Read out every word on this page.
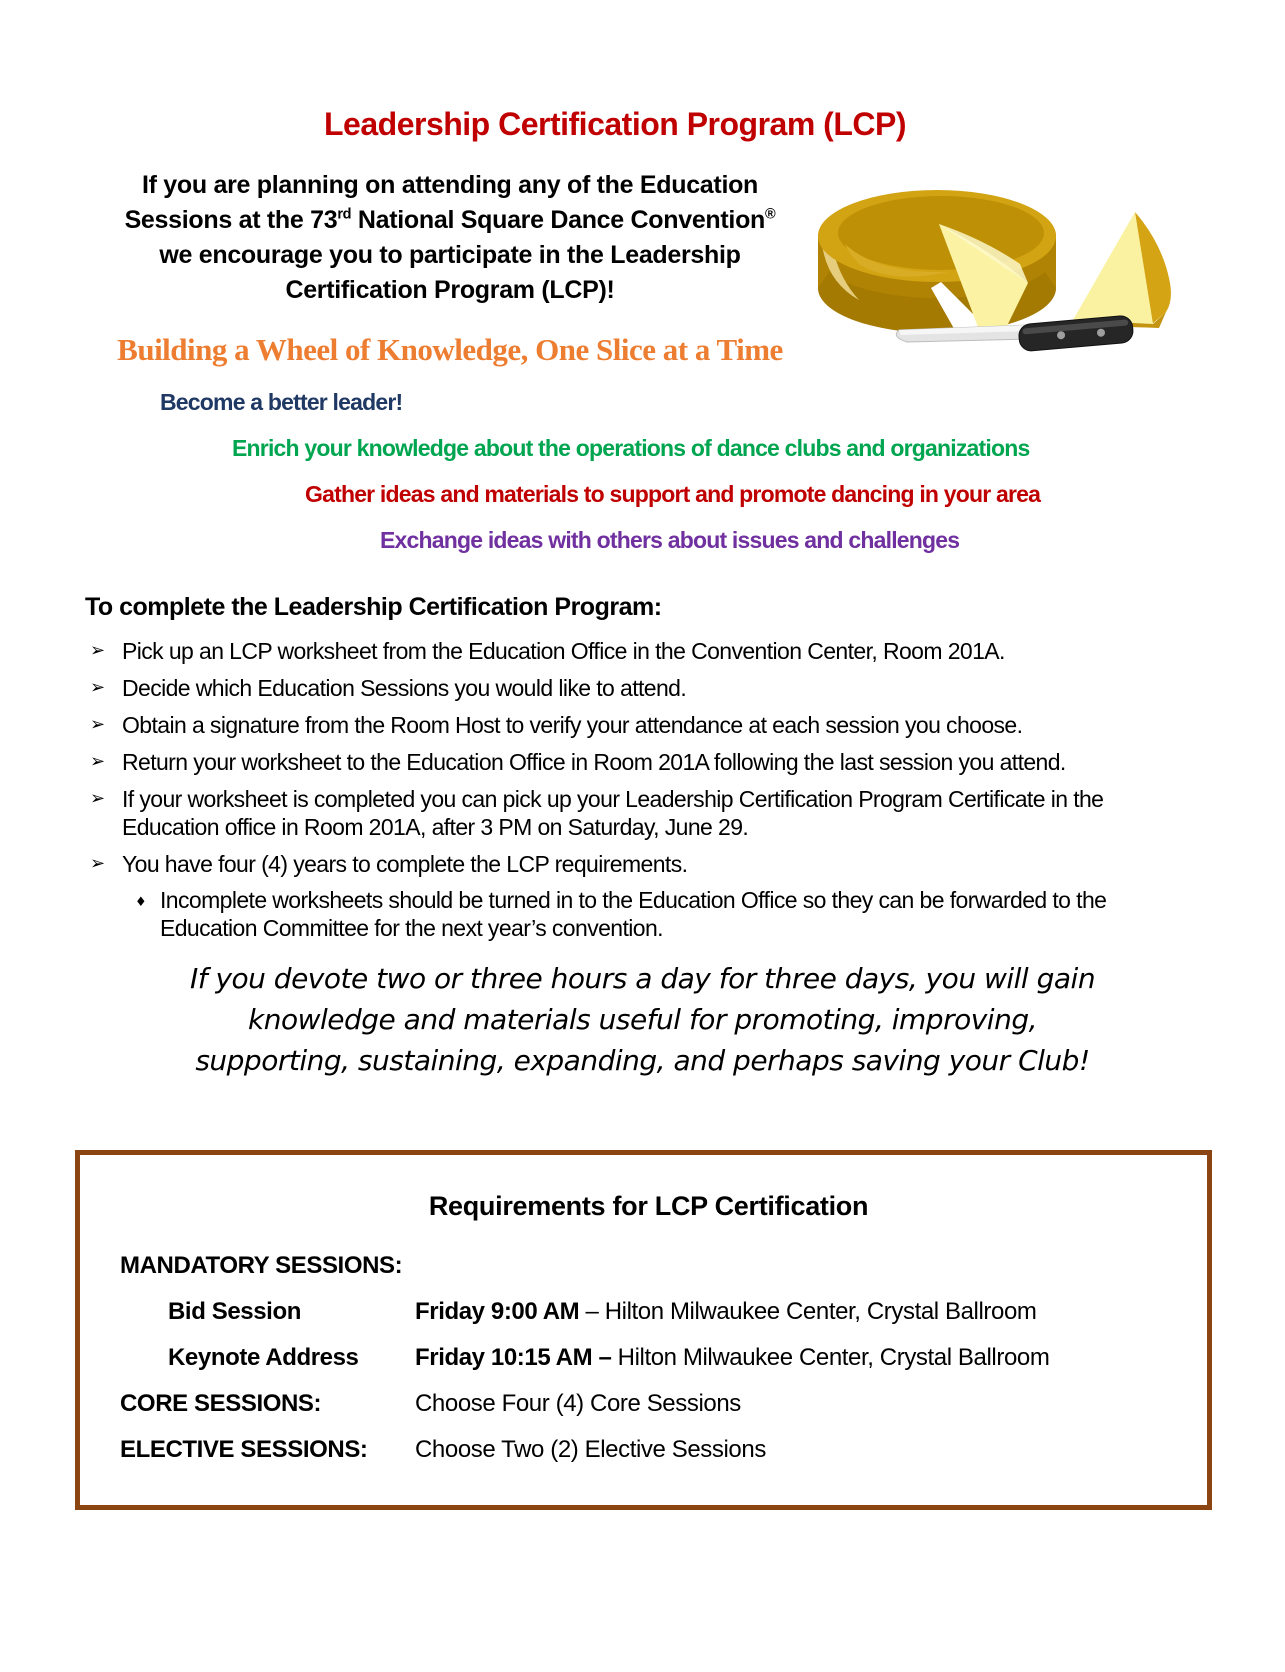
Leadership Certification Program (LCP)
If you are planning on attending any of the Education
Sessions at the 73rd National Square Dance Convention®
we encourage you to participate in the Leadership
Certification Program (LCP)!
Building a Wheel of Knowledge, One Slice at a Time
Become a better leader!
Enrich your knowledge about the operations of dance clubs and organizations
Gather ideas and materials to support and promote dancing in your area
Exchange ideas with others about issues and challenges
To complete the Leadership Certification Program:
➢ Pick up an LCP worksheet from the Education Office in the Convention Center, Room 201A.
➢ Decide which Education Sessions you would like to attend.
➢ Obtain a signature from the Room Host to verify your attendance at each session you choose.
➢ Return your worksheet to the Education Office in Room 201A following the last session you attend.
➢ If your worksheet is completed you can pick up your Leadership Certification Program Certificate in the Education office in Room 201A, after 3 PM on Saturday, June 29.
➢ You have four (4) years to complete the LCP requirements.
♦ Incomplete worksheets should be turned in to the Education Office so they can be forwarded to the Education Committee for the next year’s convention.
If you devote two or three hours a day for three days, you will gain
knowledge and materials useful for promoting, improving,
supporting, sustaining, expanding, and perhaps saving your Club!
Requirements for LCP Certification
MANDATORY SESSIONS:
Bid Session	Friday 9:00 AM – Hilton Milwaukee Center, Crystal Ballroom
Keynote Address	Friday 10:15 AM – Hilton Milwaukee Center, Crystal Ballroom
CORE SESSIONS:	Choose Four (4) Core Sessions
ELECTIVE SESSIONS:	Choose Two (2) Elective Sessions
